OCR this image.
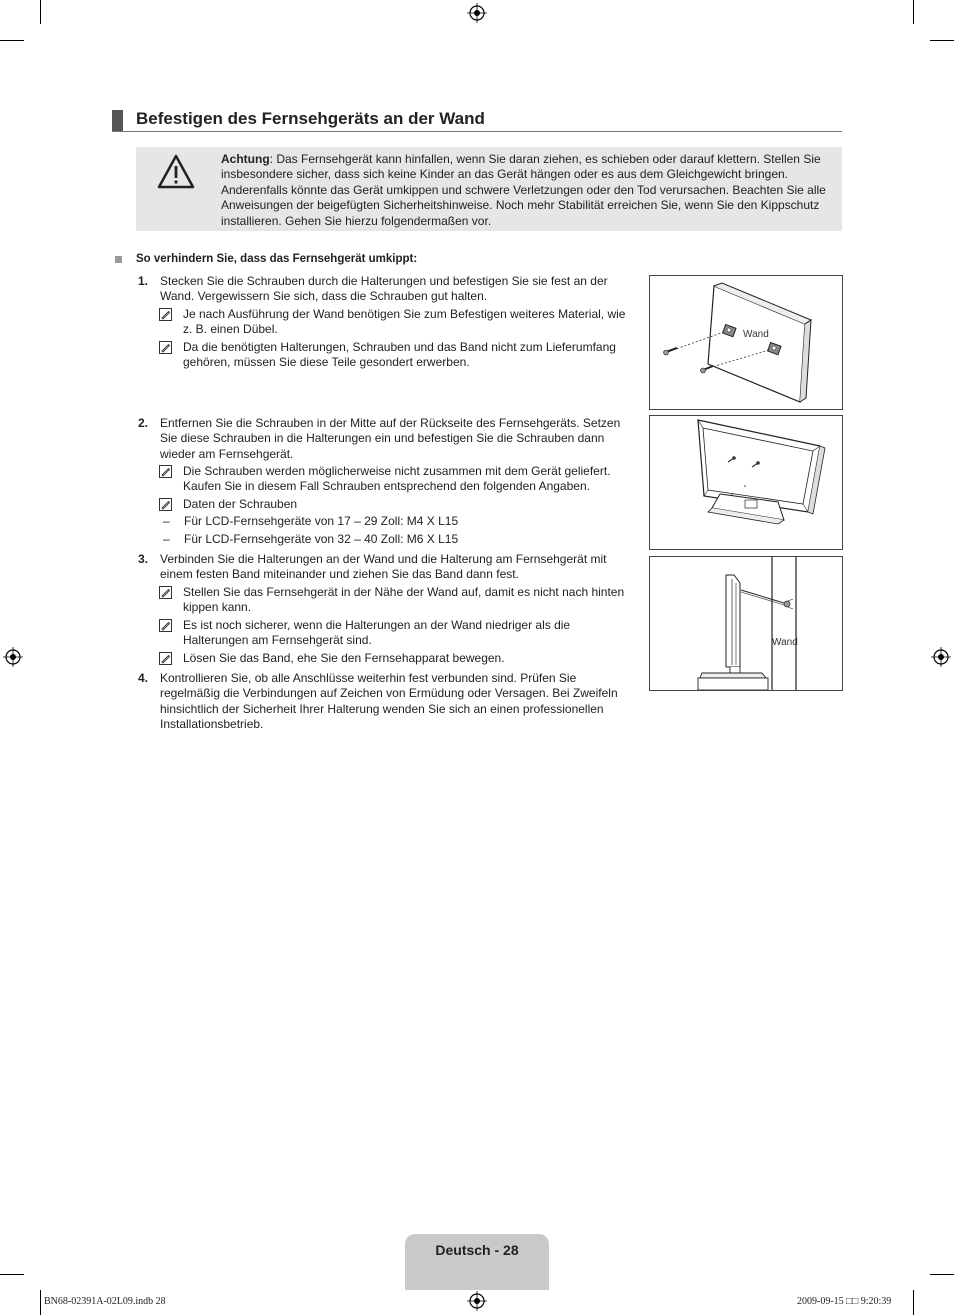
Befestigen des Fernsehgeräts an der Wand
Achtung: Das Fernsehgerät kann hinfallen, wenn Sie daran ziehen, es schieben oder darauf klettern. Stellen Sie insbesondere sicher, dass sich keine Kinder an das Gerät hängen oder es aus dem Gleichgewicht bringen. Anderenfalls könnte das Gerät umkippen und schwere Verletzungen oder den Tod verursachen. Beachten Sie alle Anweisungen der beigefügten Sicherheitshinweise. Noch mehr Stabilität erreichen Sie, wenn Sie den Kippschutz installieren. Gehen Sie hierzu folgendermaßen vor.
So verhindern Sie, dass das Fernsehgerät umkippt:
1. Stecken Sie die Schrauben durch die Halterungen und befestigen Sie sie fest an der Wand. Vergewissern Sie sich, dass die Schrauben gut halten.
Je nach Ausführung der Wand benötigen Sie zum Befestigen weiteres Material, wie z. B. einen Dübel.
Da die benötigten Halterungen, Schrauben und das Band nicht zum Lieferumfang gehören, müssen Sie diese Teile gesondert erwerben.
2. Entfernen Sie die Schrauben in der Mitte auf der Rückseite des Fernsehgeräts. Setzen Sie diese Schrauben in die Halterungen ein und befestigen Sie die Schrauben dann wieder am Fernsehgerät.
Die Schrauben werden möglicherweise nicht zusammen mit dem Gerät geliefert. Kaufen Sie in diesem Fall Schrauben entsprechend den folgenden Angaben.
Daten der Schrauben
– Für LCD-Fernsehgeräte von 17 – 29 Zoll: M4 X L15
– Für LCD-Fernsehgeräte von 32 – 40 Zoll: M6 X L15
3. Verbinden Sie die Halterungen an der Wand und die Halterung am Fernsehgerät mit einem festen Band miteinander und ziehen Sie das Band dann fest.
Stellen Sie das Fernsehgerät in der Nähe der Wand auf, damit es nicht nach hinten kippen kann.
Es ist noch sicherer, wenn die Halterungen an der Wand niedriger als die Halterungen am Fernsehgerät sind.
Lösen Sie das Band, ehe Sie den Fernsehapparat bewegen.
4. Kontrollieren Sie, ob alle Anschlüsse weiterhin fest verbunden sind. Prüfen Sie regelmäßig die Verbindungen auf Zeichen von Ermüdung oder Versagen. Bei Zweifeln hinsichtlich der Sicherheit Ihrer Halterung wenden Sie sich an einen professionellen Installationsbetrieb.
Wand
Wand
Deutsch - 28
BN68-02391A-02L09.indb 28	2009-09-15 □□ 9:20:39
